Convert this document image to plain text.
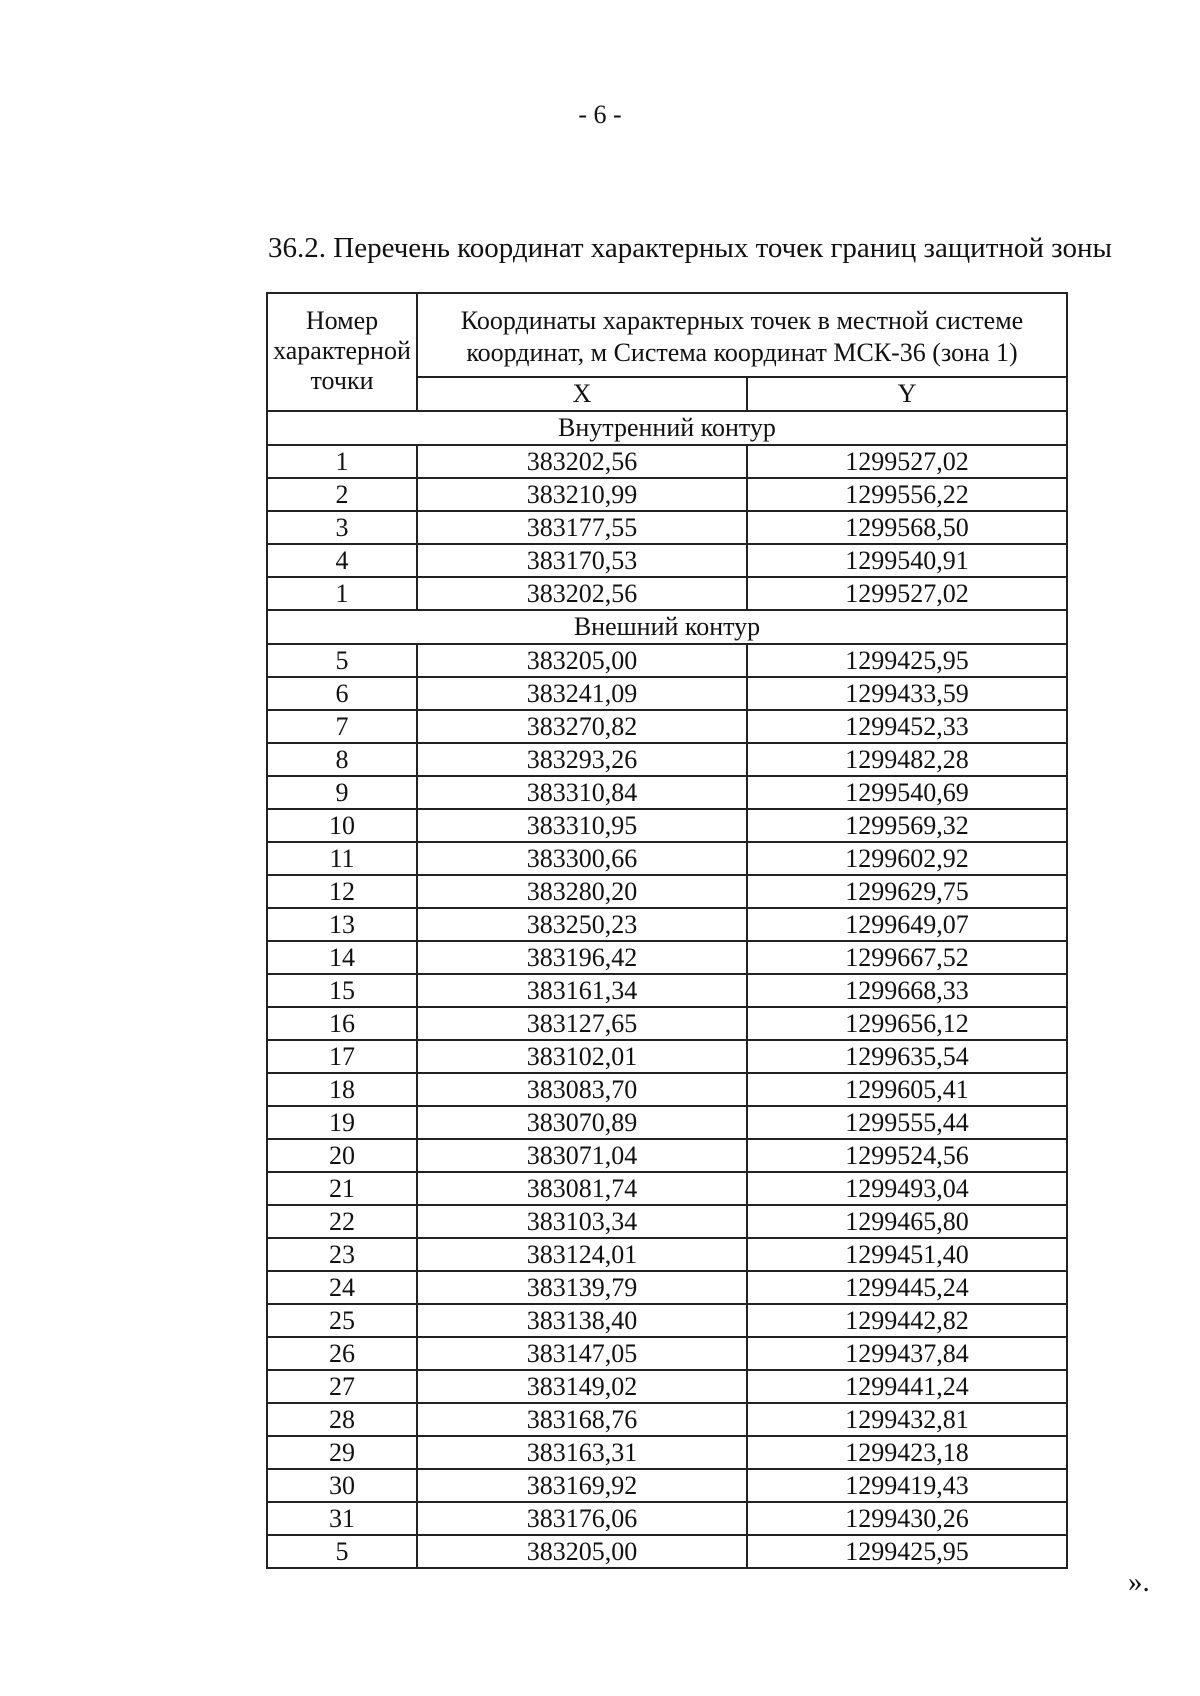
- 6 -
36.2. Перечень координат характерных точек границ защитной зоны
Номер характерной точки	Координаты характерных точек в местной системе координат, м Система координат МСК-36 (зона 1)	
	X	Y
Внутренний контур		
1	383202,56	1299527,02
2	383210,99	1299556,22
3	383177,55	1299568,50
4	383170,53	1299540,91
1	383202,56	1299527,02
Внешний контур		
5	383205,00	1299425,95
6	383241,09	1299433,59
7	383270,82	1299452,33
8	383293,26	1299482,28
9	383310,84	1299540,69
10	383310,95	1299569,32
11	383300,66	1299602,92
12	383280,20	1299629,75
13	383250,23	1299649,07
14	383196,42	1299667,52
15	383161,34	1299668,33
16	383127,65	1299656,12
17	383102,01	1299635,54
18	383083,70	1299605,41
19	383070,89	1299555,44
20	383071,04	1299524,56
21	383081,74	1299493,04
22	383103,34	1299465,80
23	383124,01	1299451,40
24	383139,79	1299445,24
25	383138,40	1299442,82
26	383147,05	1299437,84
27	383149,02	1299441,24
28	383168,76	1299432,81
29	383163,31	1299423,18
30	383169,92	1299419,43
31	383176,06	1299430,26
5	383205,00	1299425,95
».
